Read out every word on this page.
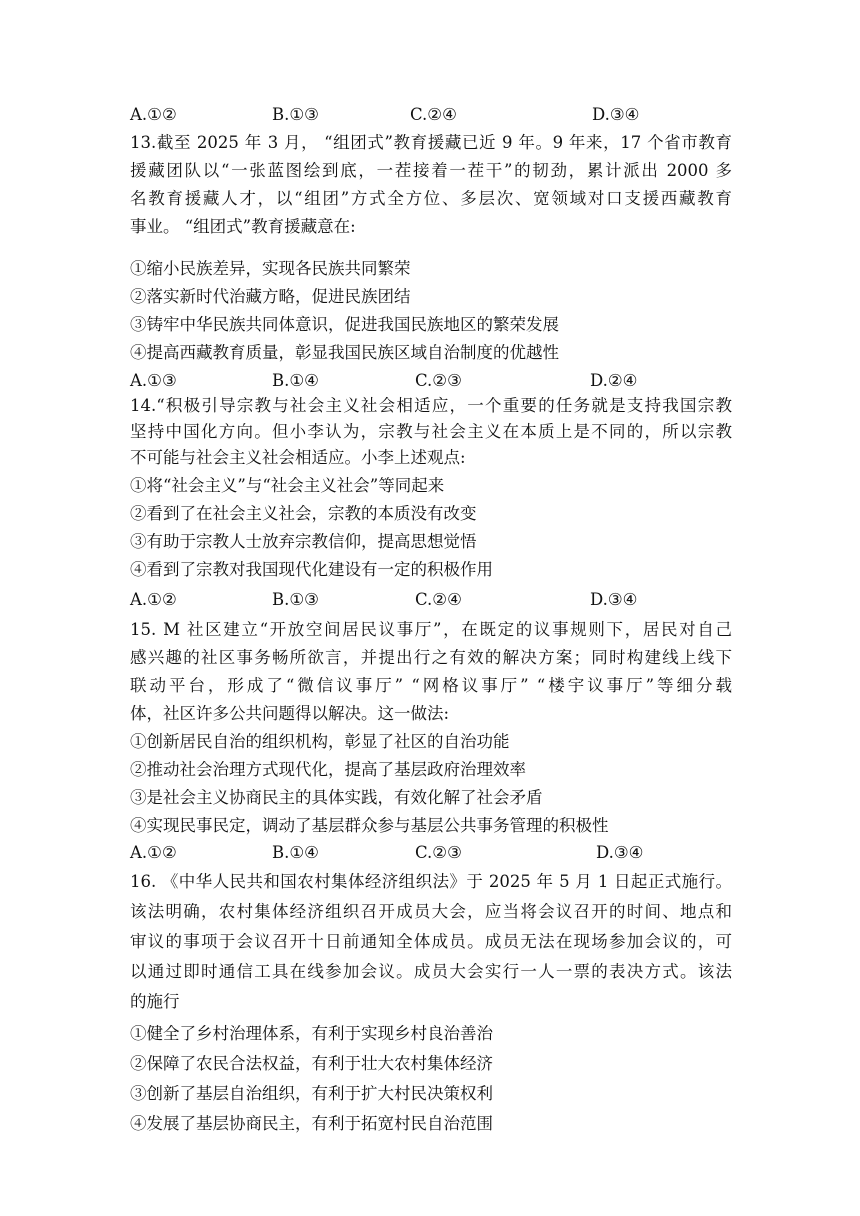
A.①②	B.①③	C.②④	D.③④
13.截至 2025 年 3 月， “组团式”教育援藏已近 9 年。9 年来，17 个省市教育
援藏团队以“一张蓝图绘到底，一茬接着一茬干”的韧劲，累计派出 2000 多
名教育援藏人才，以“组团”方式全方位、多层次、宽领域对口支援西藏教育
事业。 “组团式”教育援藏意在:
①缩小民族差异，实现各民族共同繁荣
②落实新时代治藏方略，促进民族团结
③铸牢中华民族共同体意识，促进我国民族地区的繁荣发展
④提高西藏教育质量，彰显我国民族区域自治制度的优越性
A.①③	B.①④	C.②③	D.②④
14.“积极引导宗教与社会主义社会相适应，一个重要的任务就是支持我国宗教
坚持中国化方向。但小李认为，宗教与社会主义在本质上是不同的，所以宗教
不可能与社会主义社会相适应。小李上述观点:
①将“社会主义”与“社会主义社会”等同起来
②看到了在社会主义社会，宗教的本质没有改变
③有助于宗教人士放弃宗教信仰，提高思想觉悟
④看到了宗教对我国现代化建设有一定的积极作用
A.①②	B.①③	C.②④	D.③④
15. M 社区建立“开放空间居民议事厅”，在既定的议事规则下，居民对自己
感兴趣的社区事务畅所欲言，并提出行之有效的解决方案；同时构建线上线下
联动平台，形成了“微信议事厅” “网格议事厅” “楼宇议事厅”等细分载
体，社区许多公共问题得以解决。这一做法:
①创新居民自治的组织机构，彰显了社区的自治功能
②推动社会治理方式现代化，提高了基层政府治理效率
③是社会主义协商民主的具体实践，有效化解了社会矛盾
④实现民事民定，调动了基层群众参与基层公共事务管理的积极性
A.①②	B.①④	C.②③	D.③④
16. 《中华人民共和国农村集体经济组织法》于 2025 年 5 月 1 日起正式施行。
该法明确，农村集体经济组织召开成员大会，应当将会议召开的时间、地点和
审议的事项于会议召开十日前通知全体成员。成员无法在现场参加会议的，可
以通过即时通信工具在线参加会议。成员大会实行一人一票的表决方式。该法
的施行
①健全了乡村治理体系，有利于实现乡村良治善治
②保障了农民合法权益，有利于壮大农村集体经济
③创新了基层自治组织，有利于扩大村民决策权利
④发展了基层协商民主，有利于拓宽村民自治范围
